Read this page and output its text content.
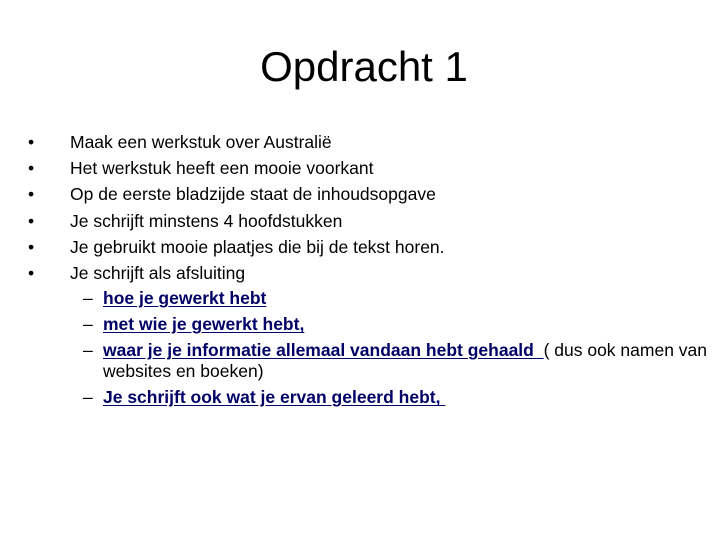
Opdracht 1
• Maak een werkstuk over Australië
• Het werkstuk heeft een mooie voorkant
• Op de eerste bladzijde staat de inhoudsopgave
• Je schrijft minstens 4 hoofdstukken
• Je gebruikt mooie plaatjes die bij de tekst horen.
• Je schrijft als afsluiting
– hoe je gewerkt hebt
– met wie je gewerkt hebt,
– waar je je informatie allemaal vandaan hebt gehaald  ( dus ook namen van websites en boeken)
– Je schrijft ook wat je ervan geleerd hebt,
